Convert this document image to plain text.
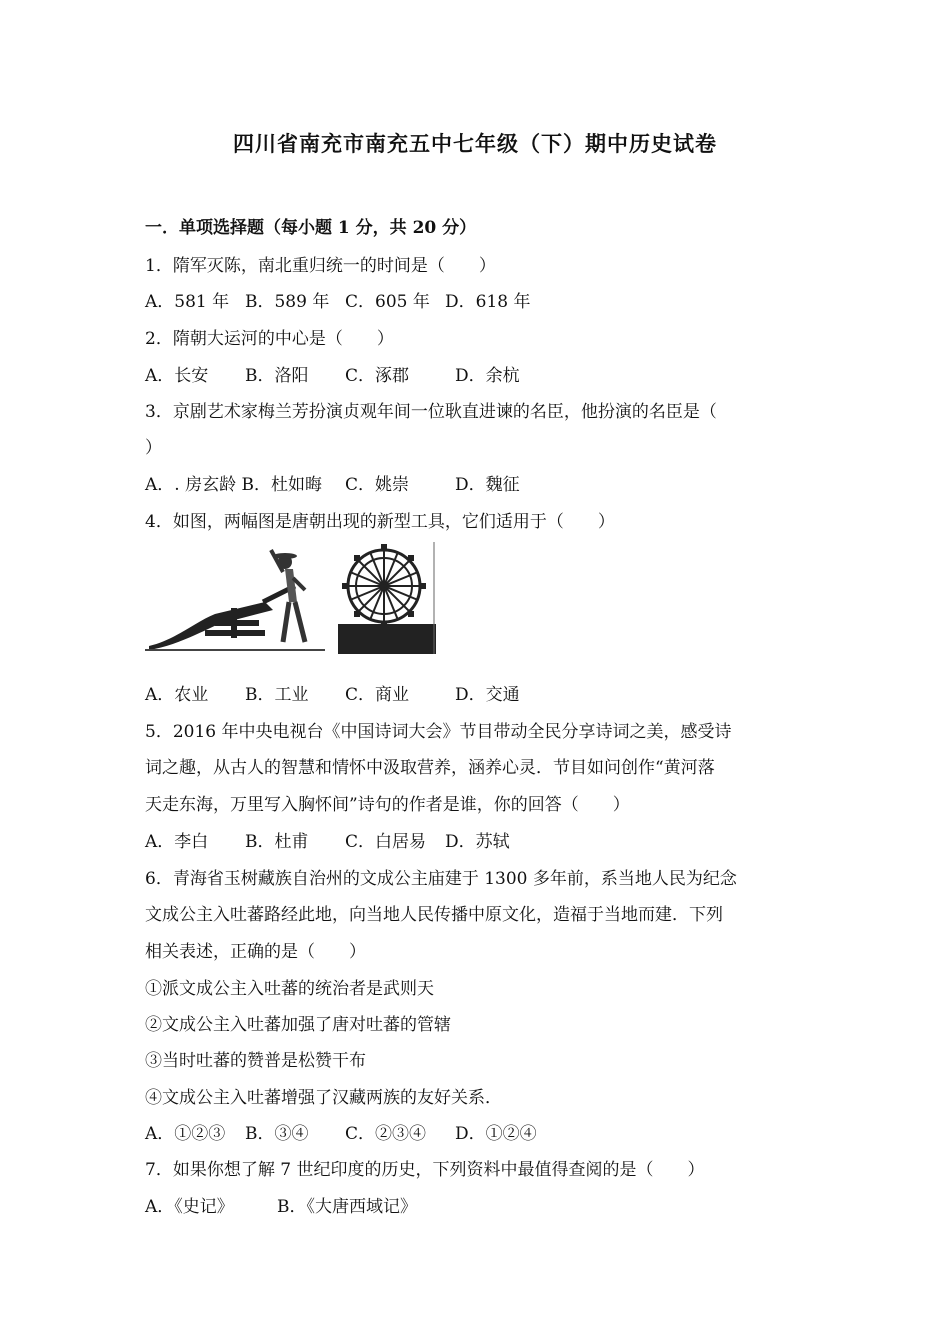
四川省南充市南充五中七年级（下）期中历史试卷
一．单项选择题（每小题 1 分，共 20 分）
1．隋军灭陈，南北重归统一的时间是（　　）
A．581 年 B．589 年 C．605 年 D．618 年
2．隋朝大运河的中心是（　　）
A．长安 B．洛阳 C．涿郡	D．余杭
3．京剧艺术家梅兰芳扮演贞观年间一位耿直进谏的名臣，他扮演的名臣是（
）
A．. 房玄龄 B．杜如晦 C．姚崇	D．魏征
4．如图，两幅图是唐朝出现的新型工具，它们适用于（　　）
A．农业 B．工业 C．商业	D．交通
5．2016 年中央电视台《中国诗词大会》节目带动全民分享诗词之美，感受诗
词之趣，从古人的智慧和情怀中汲取营养，涵养心灵．节目如问创作“黄河落
天走东海，万里写入胸怀间”诗句的作者是谁，你的回答（　　）
A．李白 B．杜甫 C．白居易 D．苏轼
6．青海省玉树藏族自治州的文成公主庙建于 1300 多年前，系当地人民为纪念
文成公主入吐蕃路经此地，向当地人民传播中原文化，造福于当地而建．下列
相关表述，正确的是（　　）
①派文成公主入吐蕃的统治者是武则天
②文成公主入吐蕃加强了唐对吐蕃的管辖
③当时吐蕃的赞普是松赞干布
④文成公主入吐蕃增强了汉藏两族的友好关系．
A．①②③ B．③④ C．②③④ D．①②④
7．如果你想了解 7 世纪印度的历史，下列资料中最值得查阅的是（　　）
A．《史记》	B．《大唐西域记》
